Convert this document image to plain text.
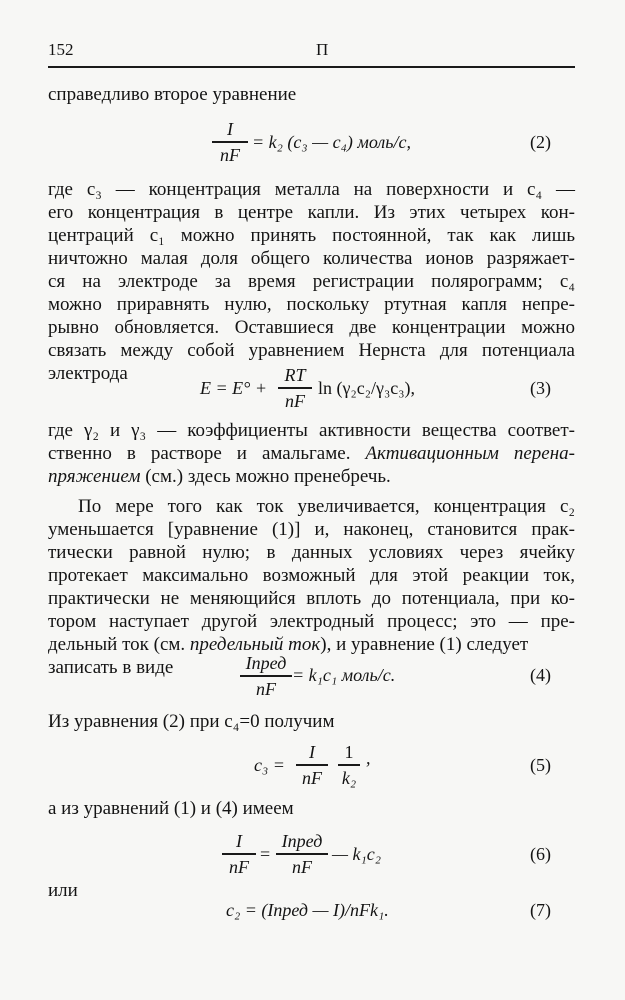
152	П
справедливо второе уравнение
I
nF
= k₂ (c₃ — c₄) моль/с,	(2)
где c₃ — концентрация металла на поверхности и c₄ —
его концентрация в центре капли. Из этих четырех кон-
центраций c₁ можно принять постоянной, так как лишь
ничтожно малая доля общего количества ионов разряжает-
ся на электроде за время регистрации полярограмм; c₄
можно приравнять нулю, поскольку ртутная капля непре-
рывно обновляется. Оставшиеся две концентрации можно
связать между собой уравнением Нернста для потенциала
электрода
E = E° +
RT
nF
ln (γ₂c₂/γ₃c₃),	(3)
где γ₂ и γ₃ — коэффициенты активности вещества соответ-
ственно в растворе и амальгаме. Активационным перена-
пряжением (см.) здесь можно пренебречь.
По мере того как ток увеличивается, концентрация c₂
уменьшается [уравнение (1)] и, наконец, становится прак-
тически равной нулю; в данных условиях через ячейку
протекает максимально возможный для этой реакции ток,
практически не меняющийся вплоть до потенциала, при ко-
тором наступает другой электродный процесс; это — пре-
дельный ток (см. предельный ток), и уравнение (1) следует
записать в виде	Iпред
nF
= k₁c₁ моль/с.	(4)
Из уравнения (2) при c₄=0 получим
c₃ =
I
nF
1
k₂
,	(5)
а из уравнений (1) и (4) имеем
I
nF
=
Iпред
nF
— k₁c₂	(6)
или
c₂ = (Iпред — I)/nFk₁.	(7)
